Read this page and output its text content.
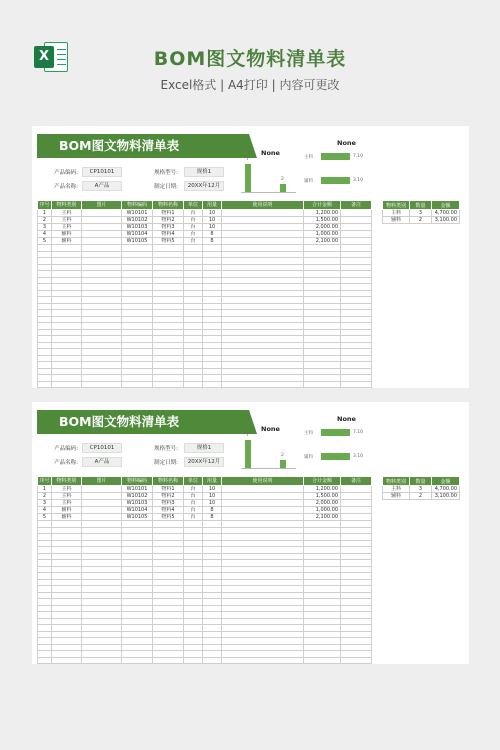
X	BOM图文物料清单表
Excel格式 | A4打印 | 内容可更改
BOM图文物料清单表
产品编码:	CP10101	规格型号:	规格1
产品名称:	A产品	制定日期:	20XX年12月
None
7
2
None
主料	7.10
辅料	3.10
序号	物料类别	图片	物料编码	物料名称	单位	用量	使用说明	合计金额	备注
1	主料		W10101	物料1	台	10		1,200.00	
2	主料		W10102	物料2	台	10		1,500.00	
3	主料		W10103	物料3	台	10		2,000.00	
4	辅料		W10104	物料4	台	8		1,000.00	
5	辅料		W10105	物料5	台	8		2,100.00	

物料类别	数量	金额
主料	3	4,700.00
辅料	2	3,100.00
BOM图文物料清单表
产品编码:	CP10101	规格型号:	规格1
产品名称:	A产品	制定日期:	20XX年12月
None
7
2
None
主料	7.10
辅料	3.10
序号	物料类别	图片	物料编码	物料名称	单位	用量	使用说明	合计金额	备注
1	主料		W10101	物料1	台	10		1,200.00	
2	主料		W10102	物料2	台	10		1,500.00	
3	主料		W10103	物料3	台	10		2,000.00	
4	辅料		W10104	物料4	台	8		1,000.00	
5	辅料		W10105	物料5	台	8		2,100.00	

物料类别	数量	金额
主料	3	4,700.00
辅料	2	3,100.00
